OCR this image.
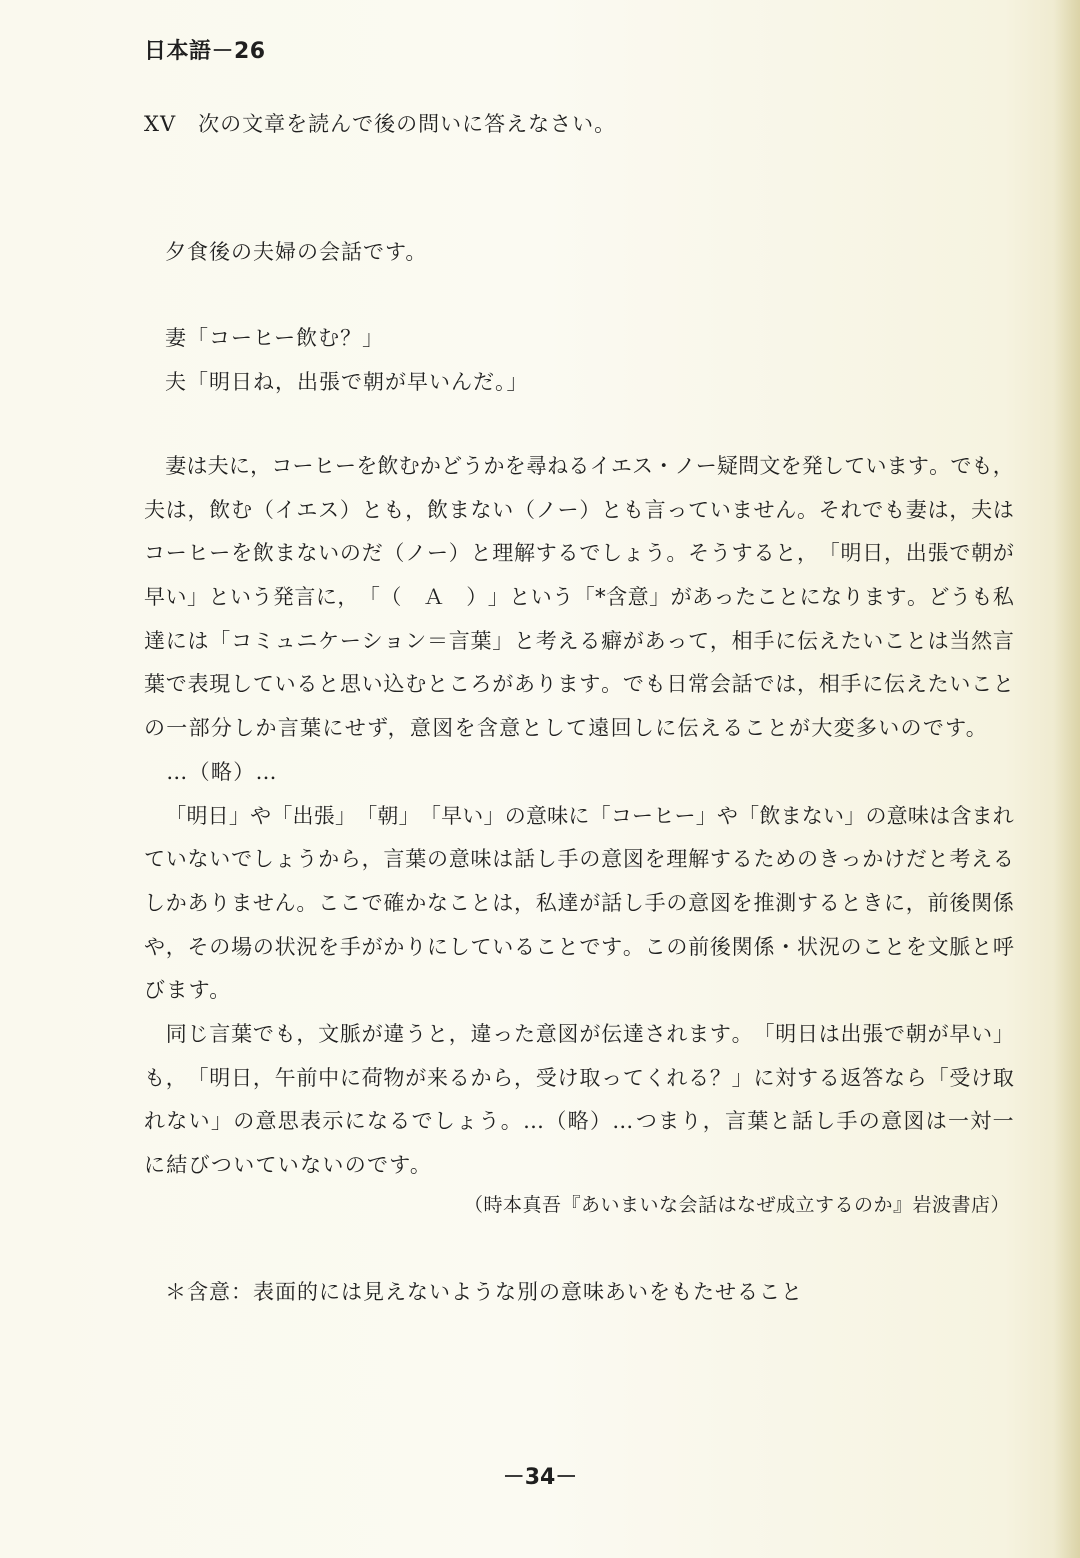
日本語－26
XV 次の文章を読んで後の問いに答えなさい。
夕食後の夫婦の会話です。
妻「コーヒー飲む？」
夫「明日ね，出張で朝が早いんだ。」

妻 は 夫 に ， コ ー ヒ ー を 飲 む か ど う か を 尋 ね る イ エ ス ・ ノ ー 疑 問 文 を 発 し て い ま す 。 で も ，
夫 は ， 飲 む （ イ エ ス ） と も ， 飲 ま な い （ ノ ー ） と も 言 っ て い ま せ ん 。 そ れ で も 妻 は ， 夫 は
コ ー ヒ ー を 飲 ま な い の だ （ ノ ー ） と 理 解 す る で し ょ う 。 そ う す る と ， 「 明 日 ， 出 張 で 朝 が
早 い 」 と い う 発 言 に ， 「 （
　 Ａ
　 ） 」 と い う 「 * 含 意 」 が あ っ た こ と に な り ま す 。 ど う も 私
達 に は 「 コ ミ ュ ニ ケ ー シ ョ ン ＝ 言 葉 」 と 考 え る 癖 が あ っ て ， 相 手 に 伝 え た い こ と は 当 然 言
葉 で 表 現 し て い る と 思 い 込 む と こ ろ が あ り ま す 。 で も 日 常 会 話 で は ， 相 手 に 伝 え た い こ と
の一部分しか言葉にせず，意図を含意として遠回しに伝えることが大変多いのです。
　…（略）…

「 明 日 」 や 「 出 張 」 「 朝 」 「 早 い 」 の 意 味 に 「 コ ー ヒ ー 」 や 「 飲 ま な い 」 の 意 味 は 含 ま れ
て い な い で し ょ う か ら ， 言 葉 の 意 味 は 話 し 手 の 意 図 を 理 解 す る た め の き っ か け だ と 考 え る
し か あ り ま せ ん 。 こ こ で 確 か な こ と は ， 私 達 が 話 し 手 の 意 図 を 推 測 す る と き に ， 前 後 関 係
や ， そ の 場 の 状 況 を 手 が か り に し て い る こ と で す 。 こ の 前 後 関 係 ・ 状 況 の こ と を 文 脈 と 呼
びます。

同 じ 言 葉 で も ， 文 脈 が 違 う と ， 違 っ た 意 図 が 伝 達 さ れ ま す 。 「 明 日 は 出 張 で 朝 が 早 い 」
も ， 「 明 日 ， 午 前 中 に 荷 物 が 来 る か ら ， 受 け 取 っ て く れ る ？ 」 に 対 す る 返 答 な ら 「 受 け 取
れ な い 」 の 意 思 表 示 に な る で し ょ う 。 … （ 略 ） … つ ま り ， 言 葉 と 話 し 手 の 意 図 は 一 対 一
に結びついていないのです。
（時本真吾『あいまいな会話はなぜ成立するのか』岩波書店）
＊含意：表面的には見えないような別の意味あいをもたせること
－34－
